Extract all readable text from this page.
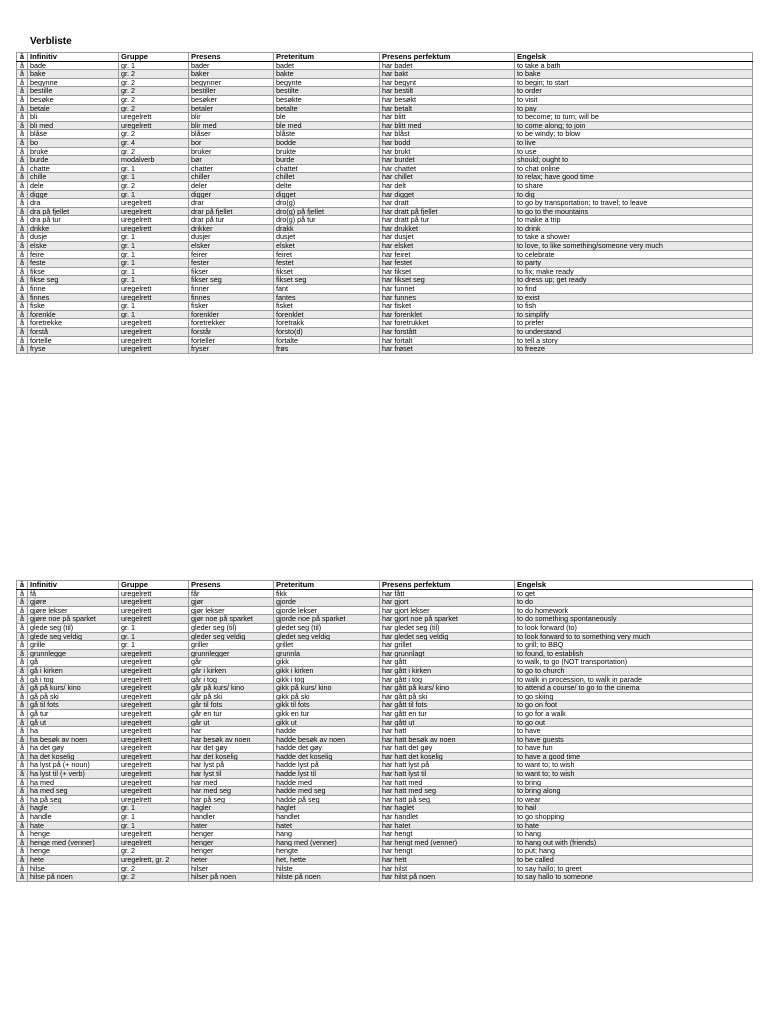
Verbliste
å	Infinitiv	Gruppe	Presens	Preteritum	Presens perfektum	Engelsk
å	bade	gr. 1	bader	badet	har badet	to take a bath
å	bake	gr. 2	baker	bakte	har bakt	to bake
å	begynne	gr. 2	begynner	begynte	har begynt	to begin; to start
å	bestille	gr. 2	bestiller	bestilte	har bestilt	to order
å	besøke	gr. 2	besøker	besøkte	har besøkt	to visit
å	betale	gr. 2	betaler	betalte	har betalt	to pay
å	bli	uregelrett	blir	ble	har blitt	to become; to turn; will be
å	bli med	uregelrett	blir med	ble med	har blitt med	to come along; to join
å	blåse	gr. 2	blåser	blåste	har blåst	to be windy; to blow
å	bo	gr. 4	bor	bodde	har bodd	to live
å	bruke	gr. 2	bruker	brukte	har brukt	to use
å	burde	modalverb	bør	burde	har burdet	should; ought to
å	chatte	gr. 1	chatter	chattet	har chattet	to chat online
å	chille	gr. 1	chiller	chillet	har chillet	to relax; have good time
å	dele	gr. 2	deler	delte	har delt	to share
å	digge	gr. 1	digger	digget	har digget	to dig
å	dra	uregelrett	drar	dro(g)	har dratt	to go by transportation; to travel; to leave
å	dra på fjellet	uregelrett	drar på fjellet	dro(g) på fjellet	har dratt på fjellet	to go to the mountains
å	dra på tur	uregelrett	drar på tur	dro(g) på tur	har dratt på tur	to make a trip
å	drikke	uregelrett	drikker	drakk	har drukket	to drink
å	dusje	gr. 1	dusjer	dusjet	har dusjet	to take a shower
å	elske	gr. 1	elsker	elsket	har elsket	to love, to like something/someone very much
å	feire	gr. 1	feirer	feiret	har feiret	to celebrate
å	feste	gr. 1	fester	festet	har festet	to party
å	fikse	gr. 1	fikser	fikset	har fikset	to fix; make ready
å	fikse seg	gr. 1	fikser seg	fikset seg	har fikset seg	to dress up; get ready
å	finne	uregelrett	finner	fant	har funnet	to find
å	finnes	uregelrett	finnes	fantes	har funnes	to exist
å	fiske	gr. 1	fisker	fisket	har fisket	to fish
å	forenkle	gr. 1	forenkler	forenklet	har forenklet	to simplify
å	foretrekke	uregelrett	foretrekker	foretrakk	har foretrukket	to prefer
å	forstå	uregelrett	forstår	forsto(d)	har forstått	to understand
å	fortelle	uregelrett	forteller	fortalte	har fortalt	to tell a story
å	fryse	uregelrett	fryser	frøs	har frøset	to freeze
å	Infinitiv	Gruppe	Presens	Preteritum	Presens perfektum	Engelsk
å	få	uregelrett	får	fikk	har fått	to get
å	gjøre	uregelrett	gjør	gjorde	har gjort	to do
å	gjøre lekser	uregelrett	gjør lekser	gjorde lekser	har gjort lekser	to do homework
å	gjøre noe på sparket	uregelrett	gjør noe på sparket	gjorde noe på sparket	har gjort noe på sparket	to do something spontaneously
å	glede seg (til)	gr. 1	gleder seg (til)	gledet seg (til)	har gledet seg (til)	to look forward (to)
å	glede seg veldig	gr. 1	gleder seg veldig	gledet seg veldig	har gledet seg veldig	to look forward to to something very much
å	grille	gr. 1	griller	grillet	har grillet	to grill; to BBQ
å	grunnlegge	uregelrett	grunnlegger	grunnla	har grunnlagt	to found, to establish
å	gå	uregelrett	går	gikk	har gått	to walk, to go (NOT transportation)
å	gå i kirken	uregelrett	går i kirken	gikk i kirken	har gått i kirken	to go to church
å	gå i tog	uregelrett	går i tog	gikk i tog	har gått i tog	to walk in procession, to walk in parade
å	gå på kurs/ kino	uregelrett	går på kurs/ kino	gikk på kurs/ kino	har gått på kurs/ kino	to attend a course/ to go to the cinema
å	gå på ski	uregelrett	går på ski	gikk på ski	har gått på ski	to go skiing
å	gå til fots	uregelrett	går til fots	gikk til fots	har gått til fots	to go on foot
å	gå tur	uregelrett	går en tur	gikk en tur	har gått en tur	to go for a walk
å	gå ut	uregelrett	går ut	gikk ut	har gått ut	to go out
å	ha	uregelrett	har	hadde	har hatt	to have
å	ha besøk av noen	uregelrett	har besøk av noen	hadde besøk av noen	har hatt besøk av noen	to have guests
å	ha det gøy	uregelrett	har det gøy	hadde det gøy	har hatt det gøy	to have fun
å	ha det koselig	uregelrett	har det koselig	hadde det koselig	har hatt det koselig	to have a good time
å	ha lyst på (+ noun)	uregelrett	har lyst på	hadde lyst på	har hatt lyst på	to want to; to wish
å	ha lyst til (+ verb)	uregelrett	har lyst til	hadde lyst til	har hatt lyst til	to want to; to wish
å	ha med	uregelrett	har med	hadde med	har hatt med	to bring
å	ha med seg	uregelrett	har med seg	hadde med seg	har hatt med seg	to bring along
å	ha på seg	uregelrett	har på seg	hadde på seg	har hatt på seg	to wear
å	hagle	gr. 1	hagler	haglet	har haglet	to hail
å	handle	gr. 1	handler	handlet	har handlet	to go shopping
å	hate	gr. 1	hater	hatet	har hatet	to hate
å	henge	uregelrett	henger	hang	har hengt	to hang
å	henge med (venner)	uregelrett	henger	hang med (venner)	har hengt med (venner)	to hang out with (friends)
å	henge	gr. 2	henger	hengte	har hengt	to put; hang
å	hete	uregelrett, gr. 2	heter	het, hette	har hett	to be called
å	hilse	gr. 2	hilser	hilste	har hilst	to say hallo; to greet
å	hilse på noen	gr. 2	hilser på noen	hilste på noen	har hilst på noen	to say hallo to someone
